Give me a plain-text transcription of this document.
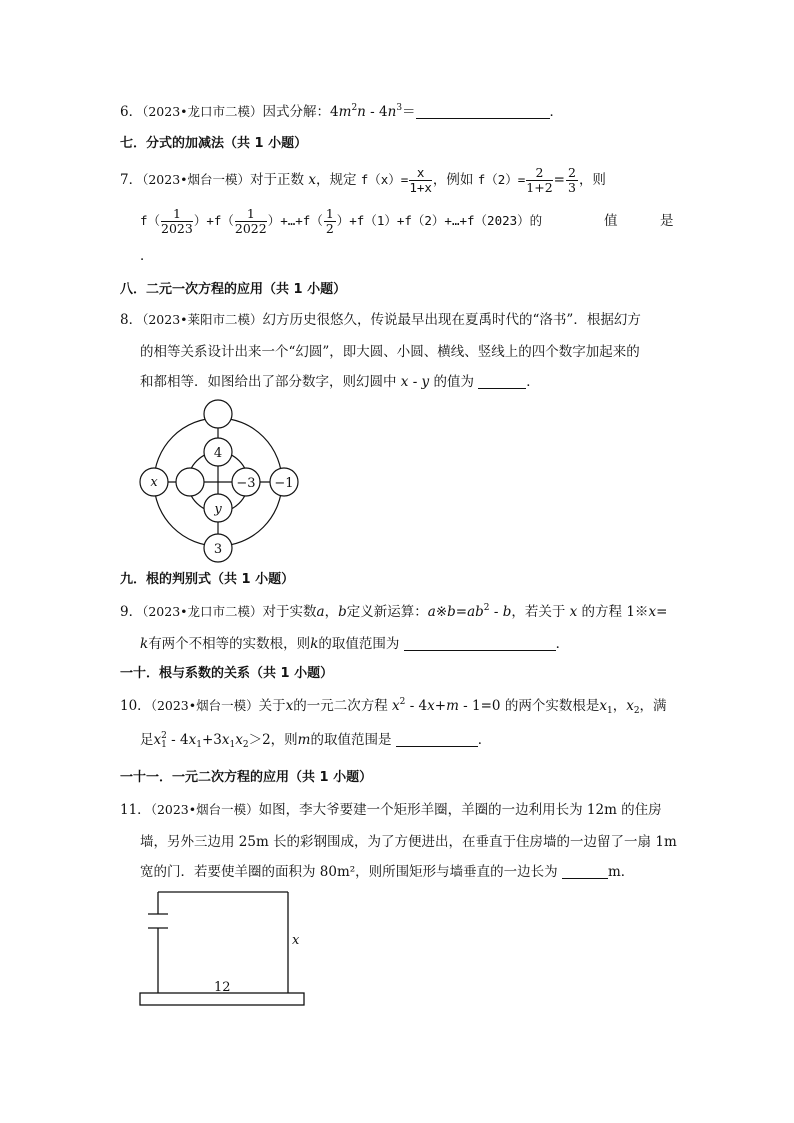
6．（2023•龙口市二模）因式分解：$4m^2n - 4n^3=$	．
七．分式的加减法（共 1 小题）
7．（2023•烟台一模）对于正数 x，规定 $f(x)= \frac{x}{1+x}$ ，例如 $f(2)= \frac{2}{1+2} = \frac{2}{3}$ ，则
$f( \frac{1}{2023} )+f( \frac{1}{2022}$ ）+…+f（ $\frac{1}{2}$ ）+f（1）+f（2）+…+f（2023）的	值	是
．
八．二元一次方程的应用（共 1 小题）
8．（2023•莱阳市二模）幻方历史很悠久，传说最早出现在夏禹时代的“洛书”．根据幻方
的相等关系设计出来一个“幻圆”，即大圆、小圆、横线、竖线上的四个数字加起来的
和都相等．如图给出了部分数字，则幻圆中 x - y 的值为	．
4
y
3
x	−3 −1
九．根的判别式（共 1 小题）
9．（2023•龙口市二模）对于实数a，b定义新运算：$a※b=ab^2 - b$，若关于 x 的方程 1※x=
k有两个不相等的实数根，则k的取值范围为	．
一十．根与系数的关系（共 1 小题）
10．（2023•烟台一模）关于x的一元二次方程 $x^2 - 4x+m - 1=0$ 的两个实数根是$x_1$，$x_2$，满
足x 2
$1 - 4x_1+3x_1x_2>2$，则m的取值范围是	．
一十一．一元二次方程的应用（共 1 小题）
11．（2023•烟台一模）如图，李大爷要建一个矩形羊圈，羊圈的一边利用长为 12m 的住房
墙，另外三边用 25m 长的彩钢围成，为了方便进出，在垂直于住房墙的一边留了一扇 1m
宽的门．若要使羊圈的面积为 80m²，则所围矩形与墙垂直的一边长为	m．
x
12
